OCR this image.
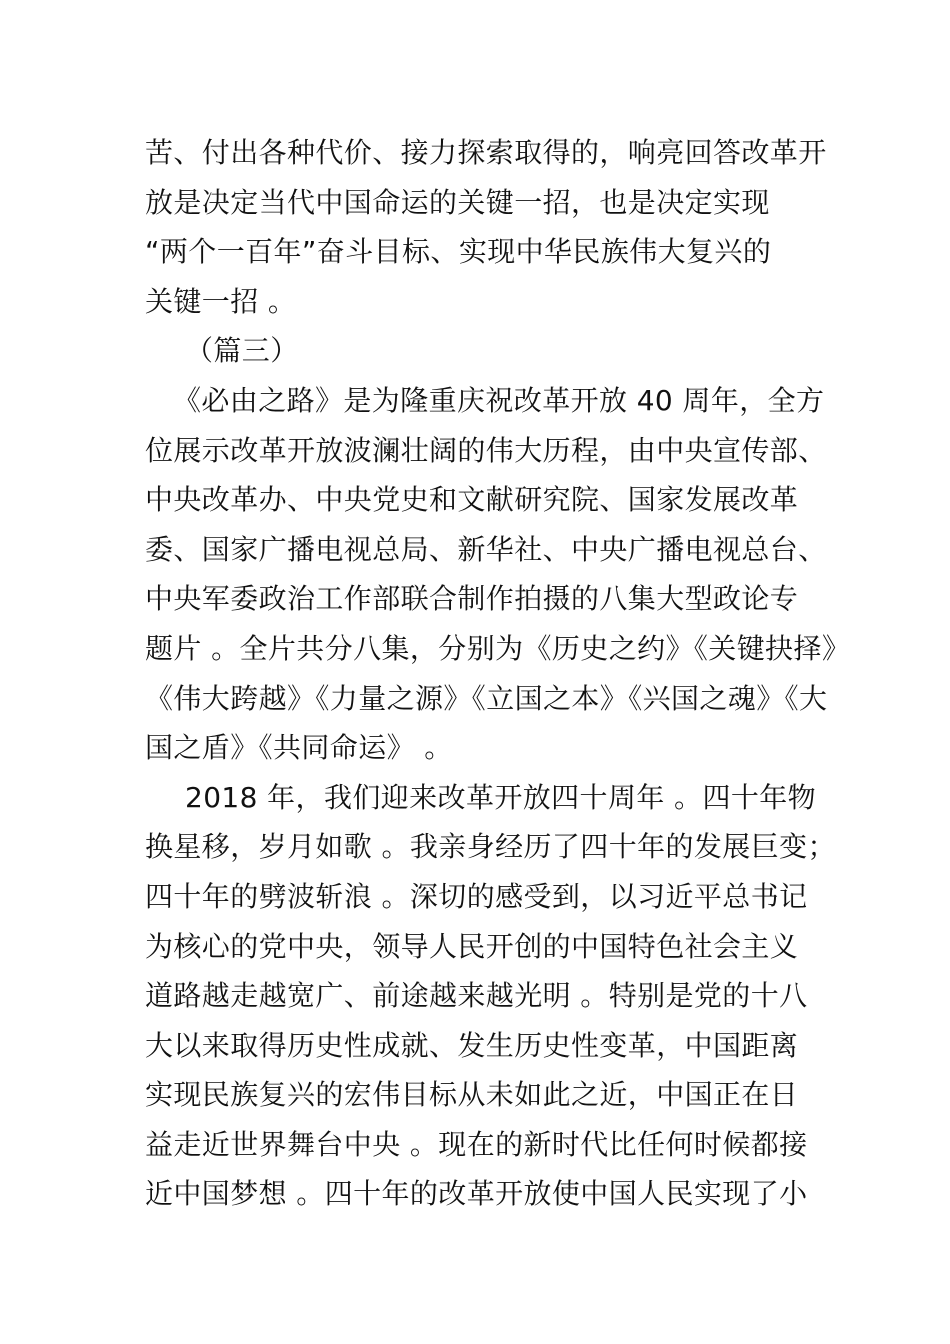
苦、付出各种代价、接力探索取得的，响亮回答改革开
放是决定当代中国命运的关键一招，也是决定实现
“两个一百年”奋斗目标、实现中华民族伟大复兴的
关键一招 。
（篇三）
《必由之路》是为隆重庆祝改革开放 40 周年，全方
位展示改革开放波澜壮阔的伟大历程，由中央宣传部、
中央改革办、中央党史和文献研究院、国家发展改革
委、国家广播电视总局、新华社、中央广播电视总台、
中央军委政治工作部联合制作拍摄的八集大型政论专
题片 。全片共分八集，分别为《历史之约》《关键抉择》
《伟大跨越》《力量之源》《立国之本》《兴国之魂》《大
国之盾》《共同命运》 。
2018 年，我们迎来改革开放四十周年 。四十年物
换星移，岁月如歌 。我亲身经历了四十年的发展巨变；
四十年的劈波斩浪 。深切的感受到，以习近平总书记
为核心的党中央，领导人民开创的中国特色社会主义
道路越走越宽广、前途越来越光明 。特别是党的十八
大以来取得历史性成就、发生历史性变革，中国距离
实现民族复兴的宏伟目标从未如此之近，中国正在日
益走近世界舞台中央 。现在的新时代比任何时候都接
近中国梦想 。四十年的改革开放使中国人民实现了小
